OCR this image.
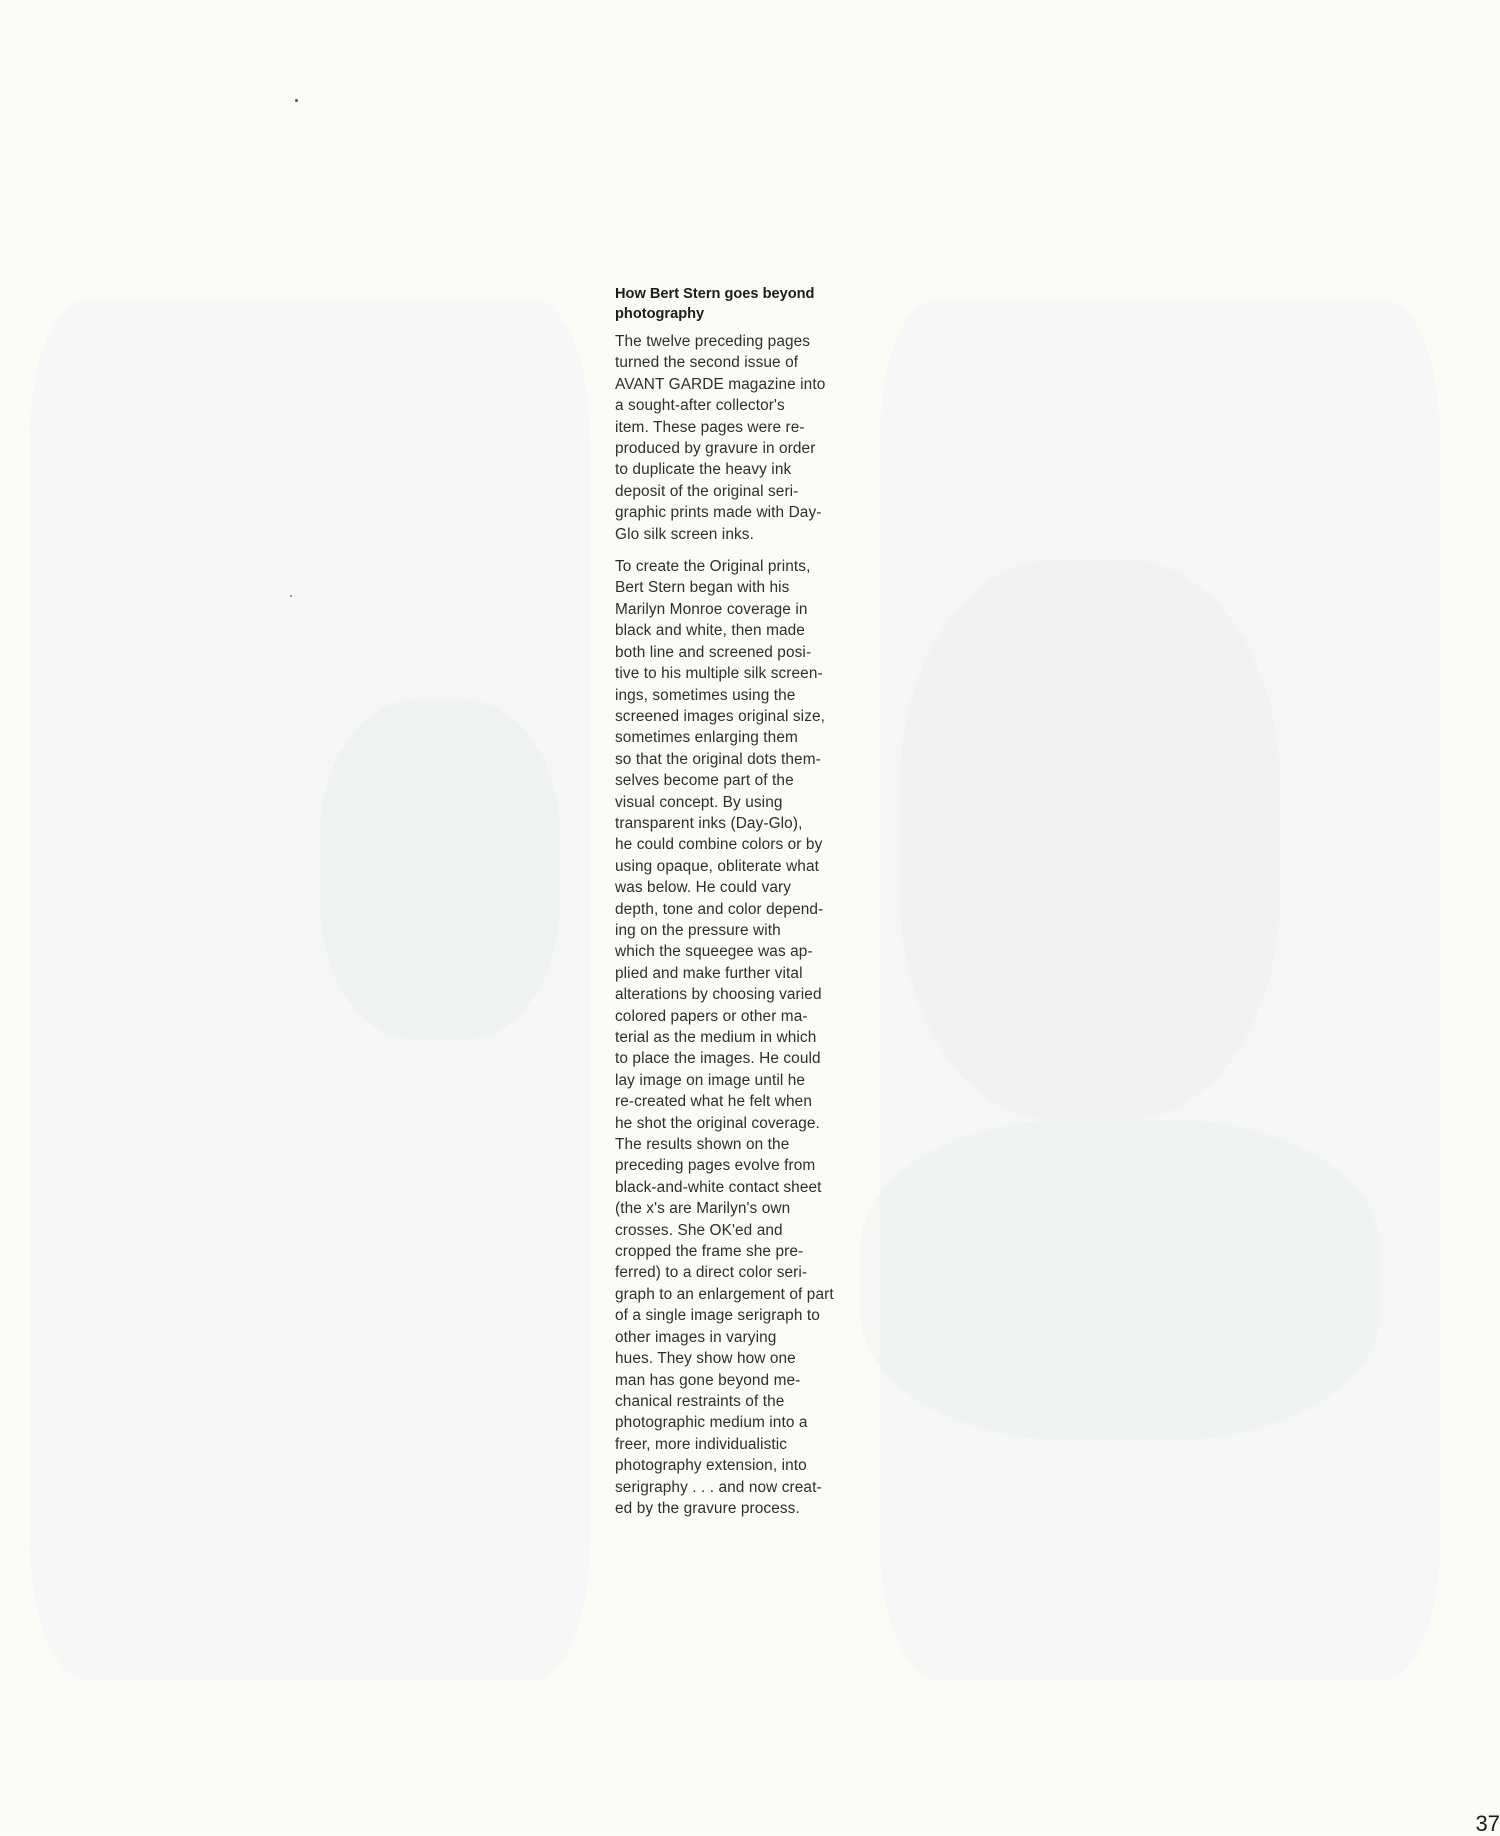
How Bert Stern goes beyond
photography

The twelve preceding pages
turned the second issue of
AVANT GARDE magazine into
a sought-after collector's
item. These pages were re-
produced by gravure in order
to duplicate the heavy ink
deposit of the original seri-
graphic prints made with Day-
Glo silk screen inks.

To create the Original prints,
Bert Stern began with his
Marilyn Monroe coverage in
black and white, then made
both line and screened posi-
tive to his multiple silk screen-
ings, sometimes using the
screened images original size,
sometimes enlarging them
so that the original dots them-
selves become part of the
visual concept. By using
transparent inks (Day-Glo),
he could combine colors or by
using opaque, obliterate what
was below. He could vary
depth, tone and color depend-
ing on the pressure with
which the squeegee was ap-
plied and make further vital
alterations by choosing varied
colored papers or other ma-
terial as the medium in which
to place the images. He could
lay image on image until he
re-created what he felt when
he shot the original coverage.
The results shown on the
preceding pages evolve from
black-and-white contact sheet
(the x's are Marilyn's own
crosses. She OK'ed and
cropped the frame she pre-
ferred) to a direct color seri-
graph to an enlargement of part
of a single image serigraph to
other images in varying
hues. They show how one
man has gone beyond me-
chanical restraints of the
photographic medium into a
freer, more individualistic
photography extension, into
serigraphy . . . and now creat-
ed by the gravure process.

37
